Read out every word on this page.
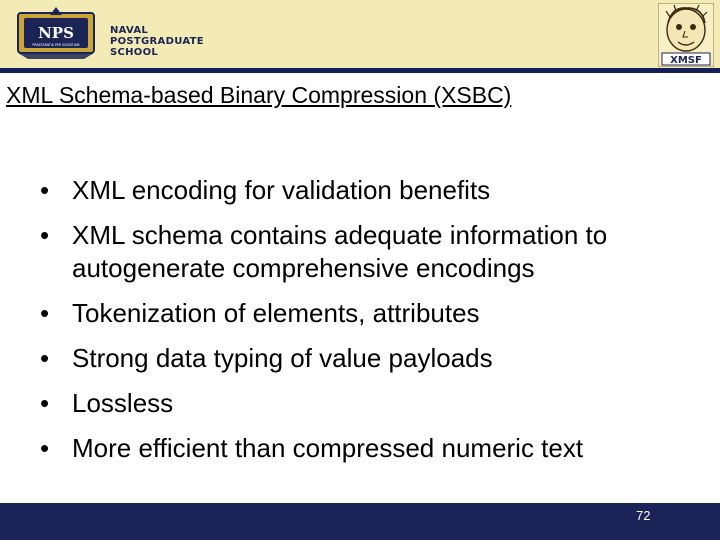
NPS
PRAESTANTIA PER SCIENTIAM
NAVAL
POSTGRADUATE
SCHOOL
XMSF
XML Schema-based Binary Compression (XSBC)
• XML encoding for validation benefits
• XML schema contains adequate information to autogenerate comprehensive encodings
• Tokenization of elements, attributes
• Strong data typing of value payloads
• Lossless
• More efficient than compressed numeric text
72
